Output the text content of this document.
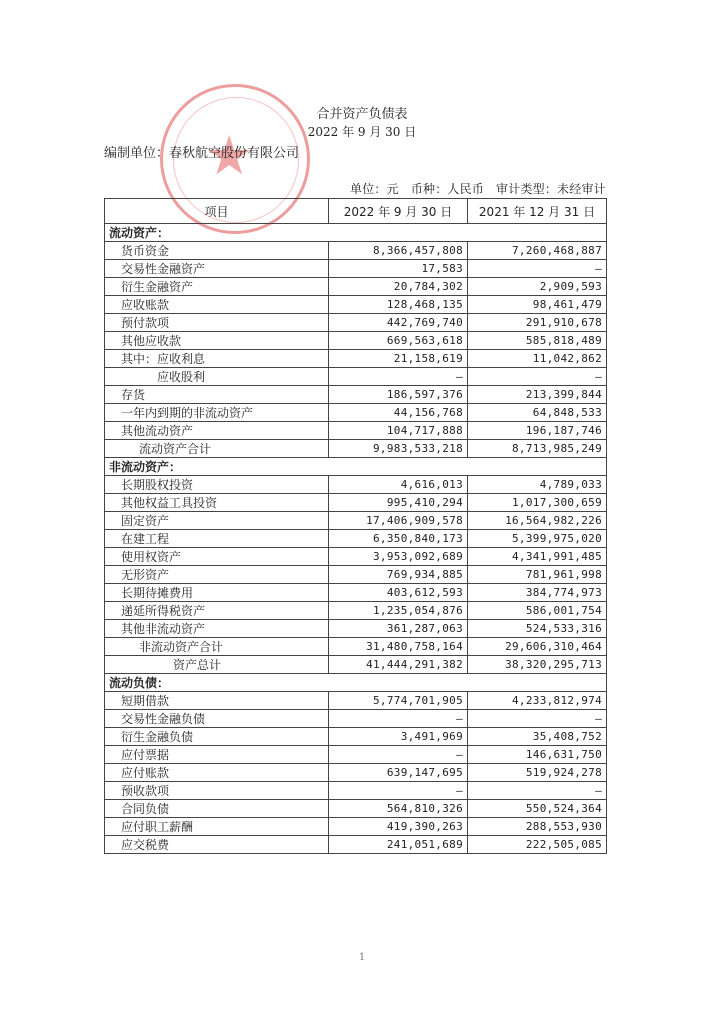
★
合并资产负债表
2022 年 9 月 30 日
编制单位：春秋航空股份有限公司
单位：元 币种：人民币 审计类型：未经审计
项目	2022 年 9 月 30 日	2021 年 12 月 31 日
流动资产：		
货币资金	8,366,457,808	7,260,468,887
交易性金融资产	17,583	–
衍生金融资产	20,784,302	2,909,593
应收账款	128,468,135	98,461,479
预付款项	442,769,740	291,910,678
其他应收款	669,563,618	585,818,489
其中：应收利息	21,158,619	11,042,862
应收股利	–	–
存货	186,597,376	213,399,844
一年内到期的非流动资产	44,156,768	64,848,533
其他流动资产	104,717,888	196,187,746
流动资产合计	9,983,533,218	8,713,985,249
非流动资产：		
长期股权投资	4,616,013	4,789,033
其他权益工具投资	995,410,294	1,017,300,659
固定资产	17,406,909,578	16,564,982,226
在建工程	6,350,840,173	5,399,975,020
使用权资产	3,953,092,689	4,341,991,485
无形资产	769,934,885	781,961,998
长期待摊费用	403,612,593	384,774,973
递延所得税资产	1,235,054,876	586,001,754
其他非流动资产	361,287,063	524,533,316
非流动资产合计	31,480,758,164	29,606,310,464
资产总计	41,444,291,382	38,320,295,713
流动负债：		
短期借款	5,774,701,905	4,233,812,974
交易性金融负债	–	–
衍生金融负债	3,491,969	35,408,752
应付票据	–	146,631,750
应付账款	639,147,695	519,924,278
预收款项	–	–
合同负债	564,810,326	550,524,364
应付职工薪酬	419,390,263	288,553,930
应交税费	241,051,689	222,505,085
1
